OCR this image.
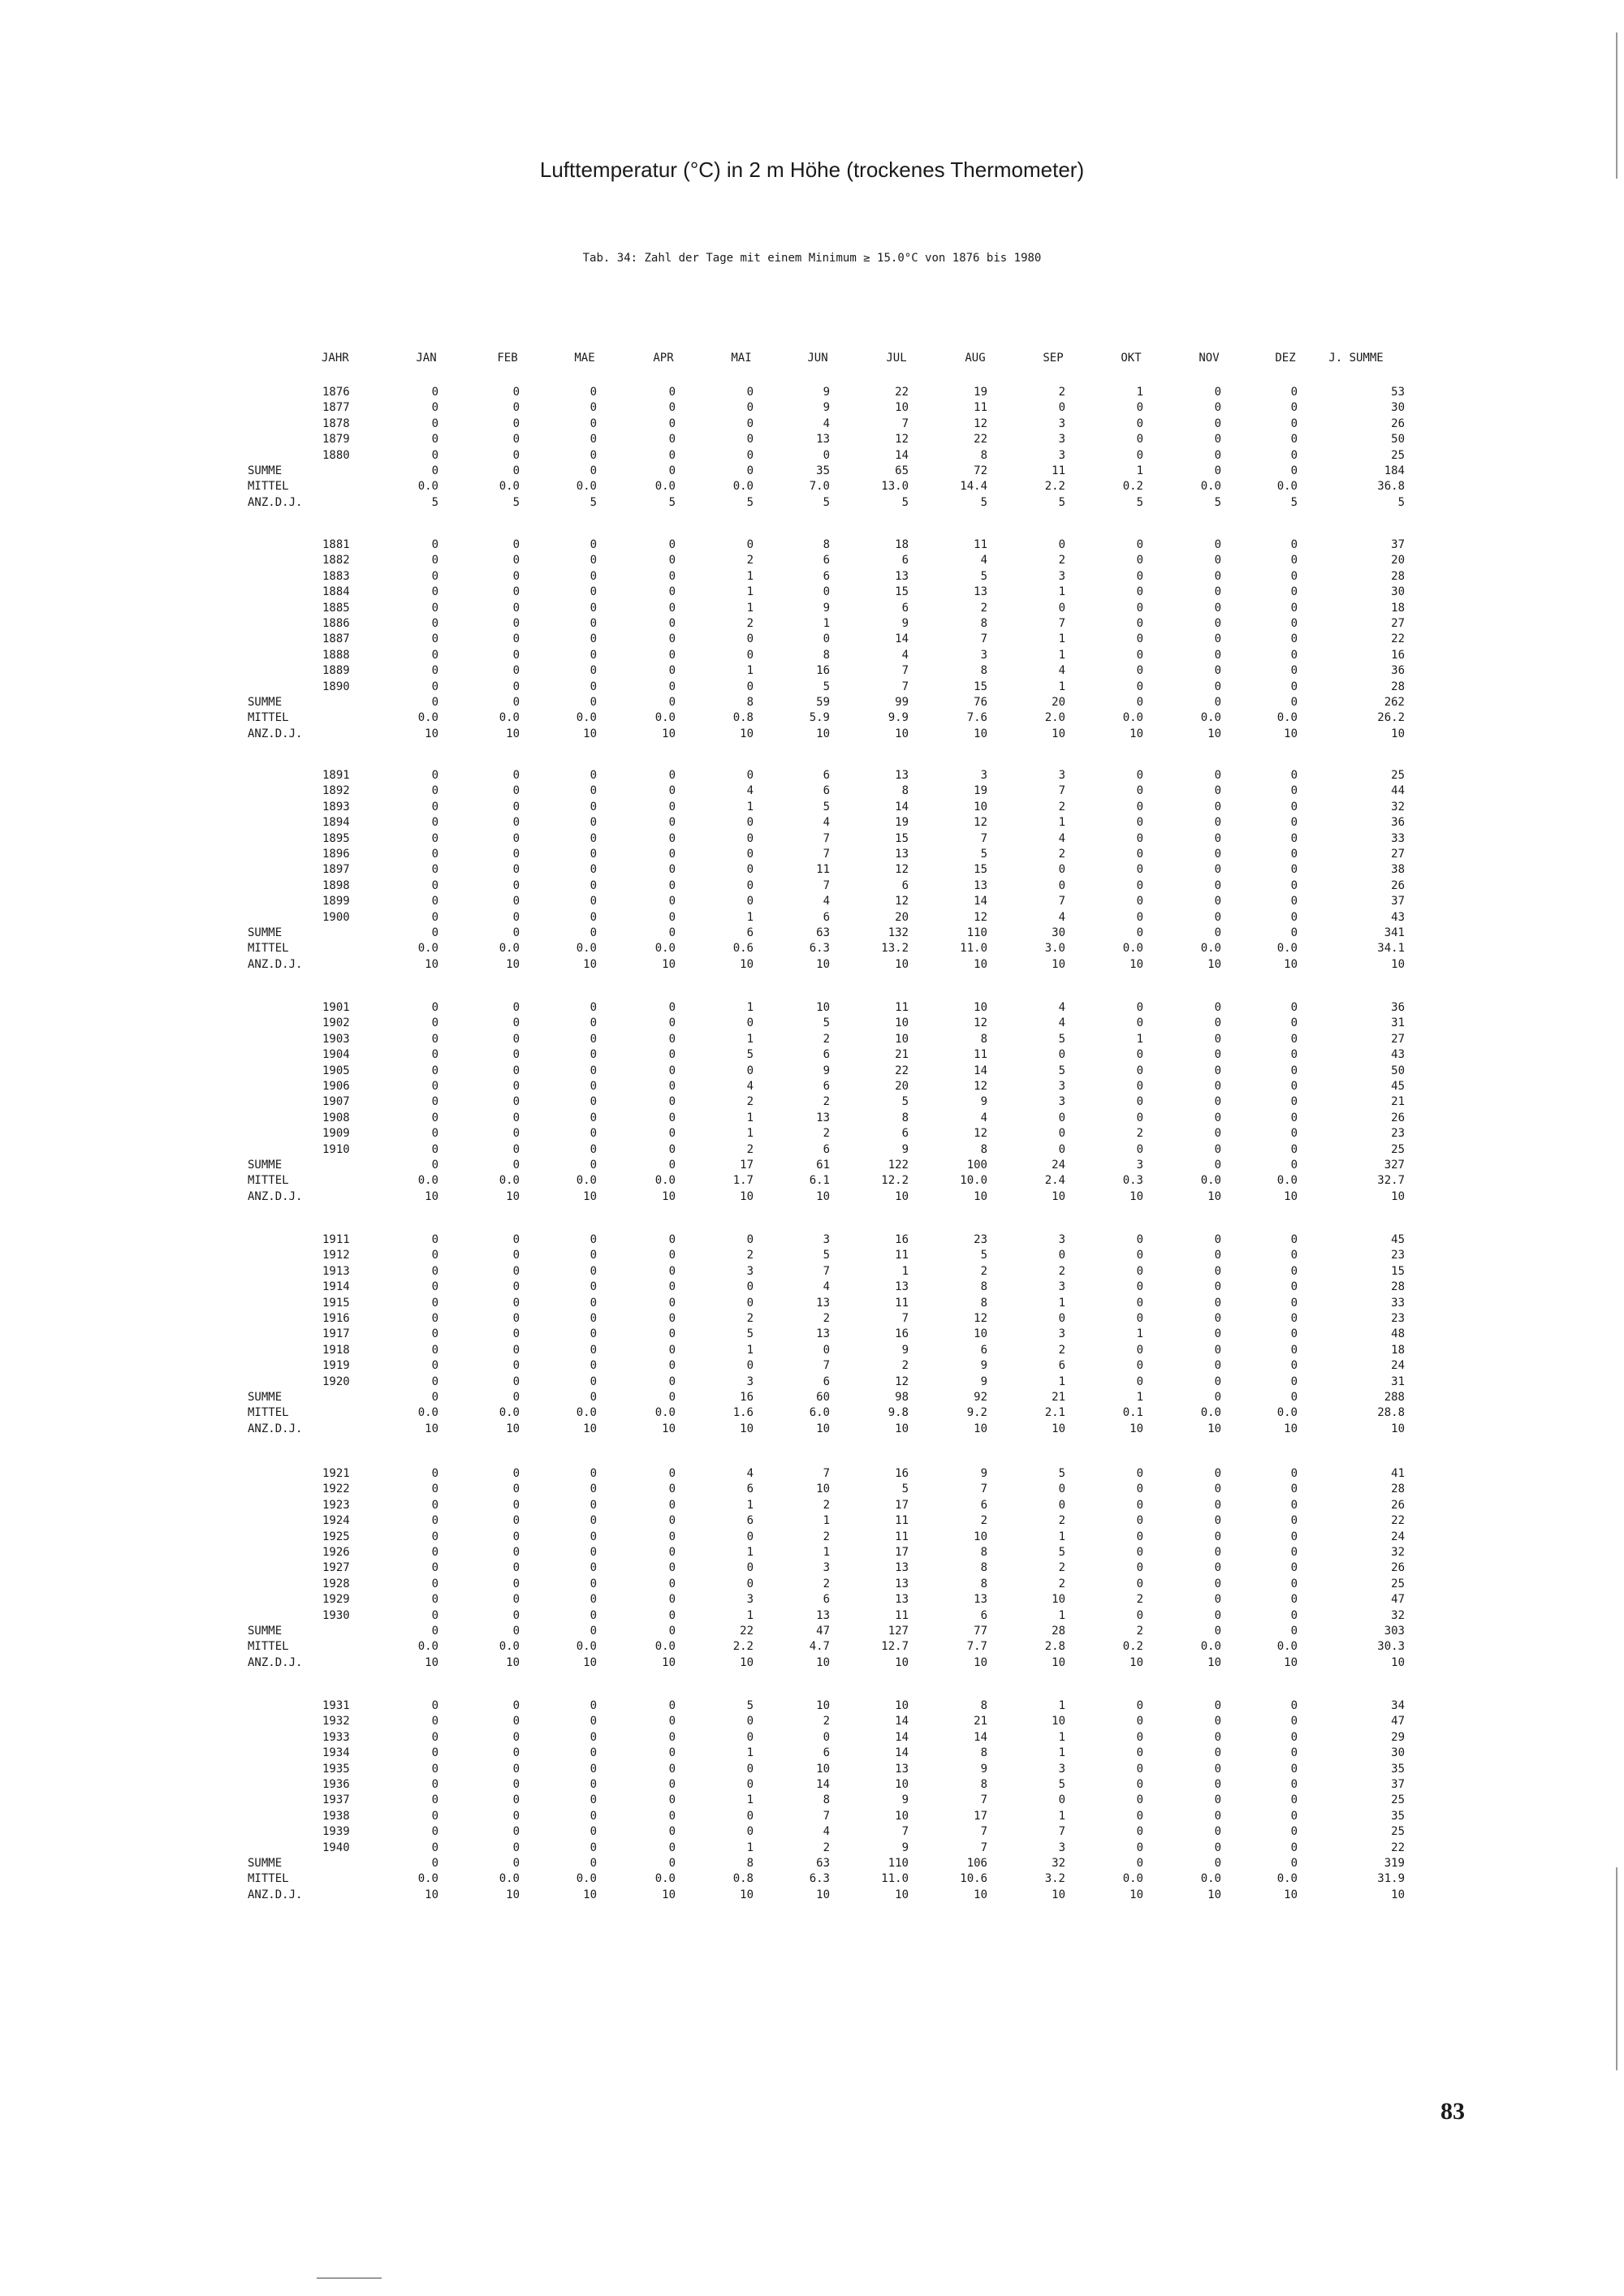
Lufttemperatur (°C) in 2 m Höhe (trockenes Thermometer)
Tab. 34: Zahl der Tage mit einem Minimum ≥ 15.0°C von 1876 bis 1980
JAHR	JAN	FEB	MAE	APR	MAI	JUN	JUL	AUG	SEP	OKT	NOV	DEZ	J. SUMME
1876	0	0	0	0	0	9	22	19	2	1	0	0	53
1877	0	0	0	0	0	9	10	11	0	0	0	0	30
1878	0	0	0	0	0	4	7	12	3	0	0	0	26
1879	0	0	0	0	0	13	12	22	3	0	0	0	50
1880	0	0	0	0	0	0	14	8	3	0	0	0	25
SUMME	0	0	0	0	0	35	65	72	11	1	0	0	184
MITTEL	0.0	0.0	0.0	0.0	0.0	7.0	13.0	14.4	2.2	0.2	0.0	0.0	36.8
ANZ.D.J.	5	5	5	5	5	5	5	5	5	5	5	5	5
1881	0	0	0	0	0	8	18	11	0	0	0	0	37
1882	0	0	0	0	2	6	6	4	2	0	0	0	20
1883	0	0	0	0	1	6	13	5	3	0	0	0	28
1884	0	0	0	0	1	0	15	13	1	0	0	0	30
1885	0	0	0	0	1	9	6	2	0	0	0	0	18
1886	0	0	0	0	2	1	9	8	7	0	0	0	27
1887	0	0	0	0	0	0	14	7	1	0	0	0	22
1888	0	0	0	0	0	8	4	3	1	0	0	0	16
1889	0	0	0	0	1	16	7	8	4	0	0	0	36
1890	0	0	0	0	0	5	7	15	1	0	0	0	28
SUMME	0	0	0	0	8	59	99	76	20	0	0	0	262
MITTEL	0.0	0.0	0.0	0.0	0.8	5.9	9.9	7.6	2.0	0.0	0.0	0.0	26.2
ANZ.D.J.	10	10	10	10	10	10	10	10	10	10	10	10	10
1891	0	0	0	0	0	6	13	3	3	0	0	0	25
1892	0	0	0	0	4	6	8	19	7	0	0	0	44
1893	0	0	0	0	1	5	14	10	2	0	0	0	32
1894	0	0	0	0	0	4	19	12	1	0	0	0	36
1895	0	0	0	0	0	7	15	7	4	0	0	0	33
1896	0	0	0	0	0	7	13	5	2	0	0	0	27
1897	0	0	0	0	0	11	12	15	0	0	0	0	38
1898	0	0	0	0	0	7	6	13	0	0	0	0	26
1899	0	0	0	0	0	4	12	14	7	0	0	0	37
1900	0	0	0	0	1	6	20	12	4	0	0	0	43
SUMME	0	0	0	0	6	63	132	110	30	0	0	0	341
MITTEL	0.0	0.0	0.0	0.0	0.6	6.3	13.2	11.0	3.0	0.0	0.0	0.0	34.1
ANZ.D.J.	10	10	10	10	10	10	10	10	10	10	10	10	10
1901	0	0	0	0	1	10	11	10	4	0	0	0	36
1902	0	0	0	0	0	5	10	12	4	0	0	0	31
1903	0	0	0	0	1	2	10	8	5	1	0	0	27
1904	0	0	0	0	5	6	21	11	0	0	0	0	43
1905	0	0	0	0	0	9	22	14	5	0	0	0	50
1906	0	0	0	0	4	6	20	12	3	0	0	0	45
1907	0	0	0	0	2	2	5	9	3	0	0	0	21
1908	0	0	0	0	1	13	8	4	0	0	0	0	26
1909	0	0	0	0	1	2	6	12	0	2	0	0	23
1910	0	0	0	0	2	6	9	8	0	0	0	0	25
SUMME	0	0	0	0	17	61	122	100	24	3	0	0	327
MITTEL	0.0	0.0	0.0	0.0	1.7	6.1	12.2	10.0	2.4	0.3	0.0	0.0	32.7
ANZ.D.J.	10	10	10	10	10	10	10	10	10	10	10	10	10
1911	0	0	0	0	0	3	16	23	3	0	0	0	45
1912	0	0	0	0	2	5	11	5	0	0	0	0	23
1913	0	0	0	0	3	7	1	2	2	0	0	0	15
1914	0	0	0	0	0	4	13	8	3	0	0	0	28
1915	0	0	0	0	0	13	11	8	1	0	0	0	33
1916	0	0	0	0	2	2	7	12	0	0	0	0	23
1917	0	0	0	0	5	13	16	10	3	1	0	0	48
1918	0	0	0	0	1	0	9	6	2	0	0	0	18
1919	0	0	0	0	0	7	2	9	6	0	0	0	24
1920	0	0	0	0	3	6	12	9	1	0	0	0	31
SUMME	0	0	0	0	16	60	98	92	21	1	0	0	288
MITTEL	0.0	0.0	0.0	0.0	1.6	6.0	9.8	9.2	2.1	0.1	0.0	0.0	28.8
ANZ.D.J.	10	10	10	10	10	10	10	10	10	10	10	10	10
1921	0	0	0	0	4	7	16	9	5	0	0	0	41
1922	0	0	0	0	6	10	5	7	0	0	0	0	28
1923	0	0	0	0	1	2	17	6	0	0	0	0	26
1924	0	0	0	0	6	1	11	2	2	0	0	0	22
1925	0	0	0	0	0	2	11	10	1	0	0	0	24
1926	0	0	0	0	1	1	17	8	5	0	0	0	32
1927	0	0	0	0	0	3	13	8	2	0	0	0	26
1928	0	0	0	0	0	2	13	8	2	0	0	0	25
1929	0	0	0	0	3	6	13	13	10	2	0	0	47
1930	0	0	0	0	1	13	11	6	1	0	0	0	32
SUMME	0	0	0	0	22	47	127	77	28	2	0	0	303
MITTEL	0.0	0.0	0.0	0.0	2.2	4.7	12.7	7.7	2.8	0.2	0.0	0.0	30.3
ANZ.D.J.	10	10	10	10	10	10	10	10	10	10	10	10	10
1931	0	0	0	0	5	10	10	8	1	0	0	0	34
1932	0	0	0	0	0	2	14	21	10	0	0	0	47
1933	0	0	0	0	0	0	14	14	1	0	0	0	29
1934	0	0	0	0	1	6	14	8	1	0	0	0	30
1935	0	0	0	0	0	10	13	9	3	0	0	0	35
1936	0	0	0	0	0	14	10	8	5	0	0	0	37
1937	0	0	0	0	1	8	9	7	0	0	0	0	25
1938	0	0	0	0	0	7	10	17	1	0	0	0	35
1939	0	0	0	0	0	4	7	7	7	0	0	0	25
1940	0	0	0	0	1	2	9	7	3	0	0	0	22
SUMME	0	0	0	0	8	63	110	106	32	0	0	0	319
MITTEL	0.0	0.0	0.0	0.0	0.8	6.3	11.0	10.6	3.2	0.0	0.0	0.0	31.9
ANZ.D.J.	10	10	10	10	10	10	10	10	10	10	10	10	10
83
